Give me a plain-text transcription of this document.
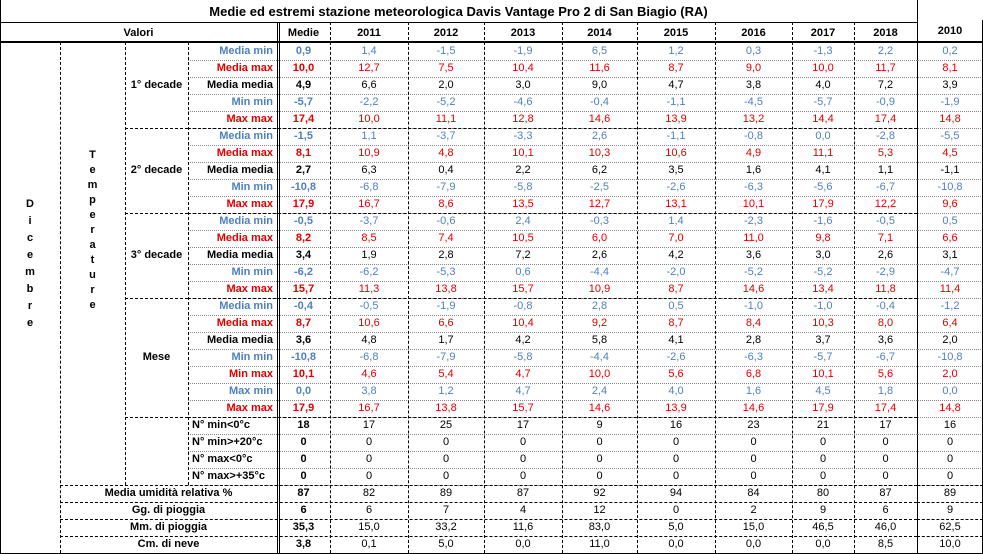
Medie ed estremi stazione meteorologica Davis Vantage Pro 2 di San Biagio (RA)
Valori	Medie	2011	2012	2013	2014	2015	2016	2017	2018	2010
Media min	0,9	1,4	-1,5	-1,9	6,5	1,2	0,3	-1,3	2,2	0,2
Media max	10,0	12,7	7,5	10,4	11,6	8,7	9,0	10,0	11,7	8,1
Media media	4,9	6,6	2,0	3,0	9,0	4,7	3,8	4,0	7,2	3,9
Min min	-5,7	-2,2	-5,2	-4,6	-0,4	-1,1	-4,5	-5,7	-0,9	-1,9
Max max	17,4	10,0	11,1	12,8	14,6	13,9	13,2	14,4	17,4	14,8
Media min	-1,5	1,1	-3,7	-3,3	2,6	-1,1	-0,8	0,0	-2,8	-5,5
Media max	8,1	10,9	4,8	10,1	10,3	10,6	4,9	11,1	5,3	4,5
Media media	2,7	6,3	0,4	2,2	6,2	3,5	1,6	4,1	1,1	-1,1
Min min	-10,8	-6,8	-7,9	-5,8	-2,5	-2,6	-6,3	-5,6	-6,7	-10,8
Max max	17,9	16,7	8,6	13,5	12,7	13,1	10,1	17,9	12,2	9,6
Media min	-0,5	-3,7	-0,6	2,4	-0,3	1,4	-2,3	-1,6	-0,5	0,5
Media max	8,2	8,5	7,4	10,5	6,0	7,0	11,0	9,8	7,1	6,6
Media media	3,4	1,9	2,8	7,2	2,6	4,2	3,6	3,0	2,6	3,1
Min min	-6,2	-6,2	-5,3	0,6	-4,4	-2,0	-5,2	-5,2	-2,9	-4,7
Max max	15,7	11,3	13,8	15,7	10,9	8,7	14,6	13,4	11,8	11,4
Media min	-0,4	-0,5	-1,9	-0,8	2,8	0,5	-1,0	-1,0	-0,4	-1,2
Media max	8,7	10,6	6,6	10,4	9,2	8,7	8,4	10,3	8,0	6,4
Media media	3,6	4,8	1,7	4,2	5,8	4,1	2,8	3,7	3,6	2,0
Min min	-10,8	-6,8	-7,9	-5,8	-4,4	-2,6	-6,3	-5,7	-6,7	-10,8
Min max	10,1	4,6	5,4	4,7	10,0	5,6	6,8	10,1	5,6	2,0
Max min	0,0	3,8	1,2	4,7	2,4	4,0	1,6	4,5	1,8	0,0
Max max	17,9	16,7	13,8	15,7	14,6	13,9	14,6	17,9	17,4	14,8
N° min<0°c	18	17	25	17	9	16	23	21	17	16
N° min>+20°c	0	0	0	0	0	0	0	0	0	0
N° max<0°c	0	0	0	0	0	0	0	0	0	0
N° max>+35°c	0	0	0	0	0	0	0	0	0	0
Media umidità relativa %	87	82	89	87	92	94	84	80	87	89
Gg. di pioggia	6	6	7	4	12	0	2	9	6	9
Mm. di pioggia	35,3	15,0	33,2	11,6	83,0	5,0	15,0	46,5	46,0	62,5
Cm. di neve	3,8	0,1	5,0	0,0	11,0	0,0	0,0	0,0	8,5	10,0
1° decade
2° decade
3° decade
Mese
D
i
c
e
m
b
r
e
T
e
m
p
e
r
a
t
u
r
e
